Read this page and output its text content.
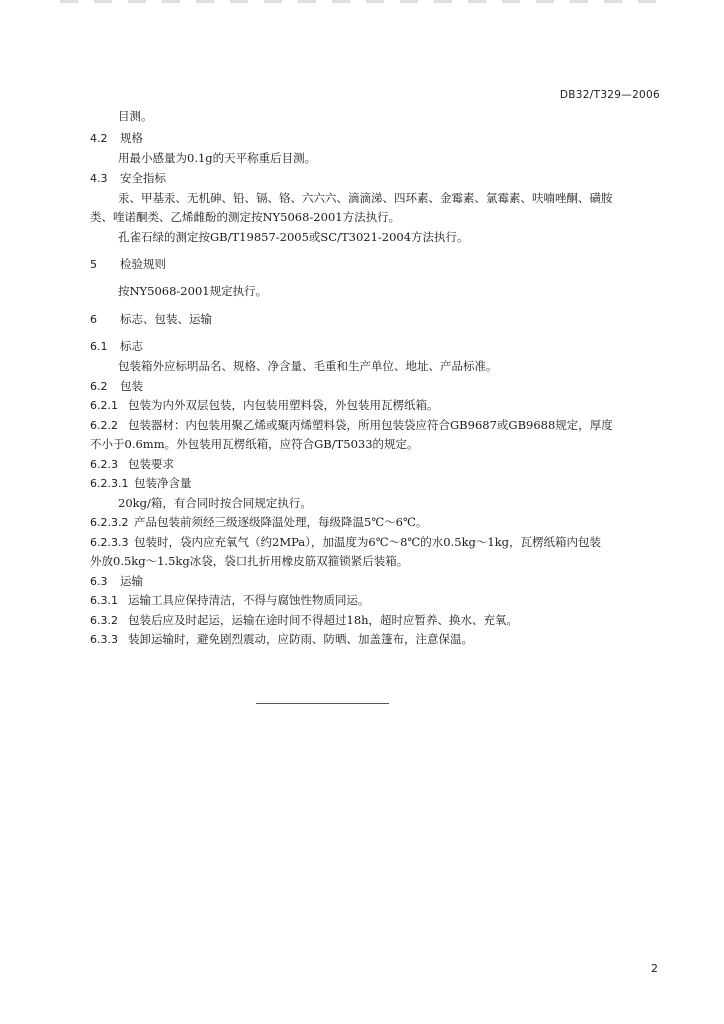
DB32/T329—2006
目测。
4.2 规格
用最小感量为0.1g的天平称重后目测。
4.3 安全指标
汞、甲基汞、无机砷、铅、镉、铬、六六六、滴滴涕、四环素、金霉素、氯霉素、呋喃唑酮、磺胺
类、喹诺酮类、乙烯雌酚的测定按NY5068-2001方法执行。
孔雀石绿的测定按GB/T19857-2005或SC/T3021-2004方法执行。
5 检验规则
按NY5068-2001规定执行。
6 标志、包装、运输
6.1 标志
包装箱外应标明品名、规格、净含量、毛重和生产单位、地址、产品标准。
6.2 包装
6.2.1 包装为内外双层包装，内包装用塑料袋，外包装用瓦楞纸箱。
6.2.2 包装器材：内包装用聚乙烯或聚丙烯塑料袋，所用包装袋应符合GB9687或GB9688规定，厚度
不小于0.6mm。外包装用瓦楞纸箱，应符合GB/T5033的规定。
6.2.3 包装要求
6.2.3.1 包装净含量
20kg/箱，有合同时按合同规定执行。
6.2.3.2 产品包装前须经三级逐级降温处理，每级降温5℃～6℃。
6.2.3.3 包装时，袋内应充氧气（约2MPa），加温度为6℃～8℃的水0.5kg～1kg，瓦楞纸箱内包装
外放0.5kg～1.5kg冰袋，袋口扎折用橡皮筋双箍锁紧后装箱。
6.3 运输
6.3.1 运输工具应保持清洁，不得与腐蚀性物质同运。
6.3.2 包装后应及时起运，运输在途时间不得超过18h，超时应暂养、换水、充氧。
6.3.3 装卸运输时，避免剧烈震动，应防雨、防晒、加盖篷布，注意保温。
2
